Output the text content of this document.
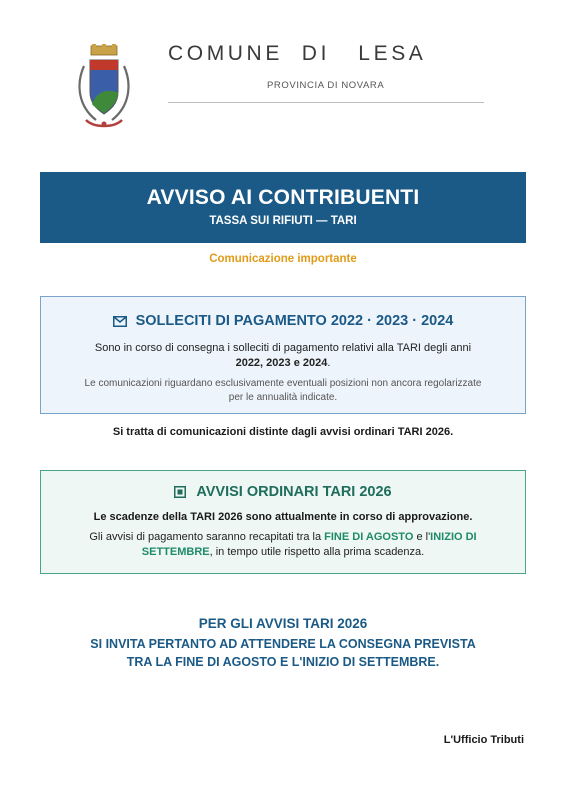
COMUNE  DI   LESA
PROVINCIA DI NOVARA
AVVISO AI CONTRIBUENTI

TASSA SUI RIFIUTI — TARI

Comunicazione importante
SOLLECITI DI PAGAMENTO 2022 · 2023 · 2024
Sono in corso di consegna i solleciti di pagamento relativi alla TARI degli anni 2022, 2023 e 2024.
Le comunicazioni riguardano esclusivamente eventuali posizioni non ancora regolarizzate per le annualità indicate.
Si tratta di comunicazioni distinte dagli avvisi ordinari TARI 2026.
AVVISI ORDINARI TARI 2026
Le scadenze della TARI 2026 sono attualmente in corso di approvazione.
Gli avvisi di pagamento saranno recapitati tra la FINE DI AGOSTO e l'INIZIO DI SETTEMBRE, in tempo utile rispetto alla prima scadenza.
PER GLI AVVISI TARI 2026
SI INVITA PERTANTO AD ATTENDERE LA CONSEGNA PREVISTA
TRA LA FINE DI AGOSTO E L'INIZIO DI SETTEMBRE.
L'Ufficio Tributi
